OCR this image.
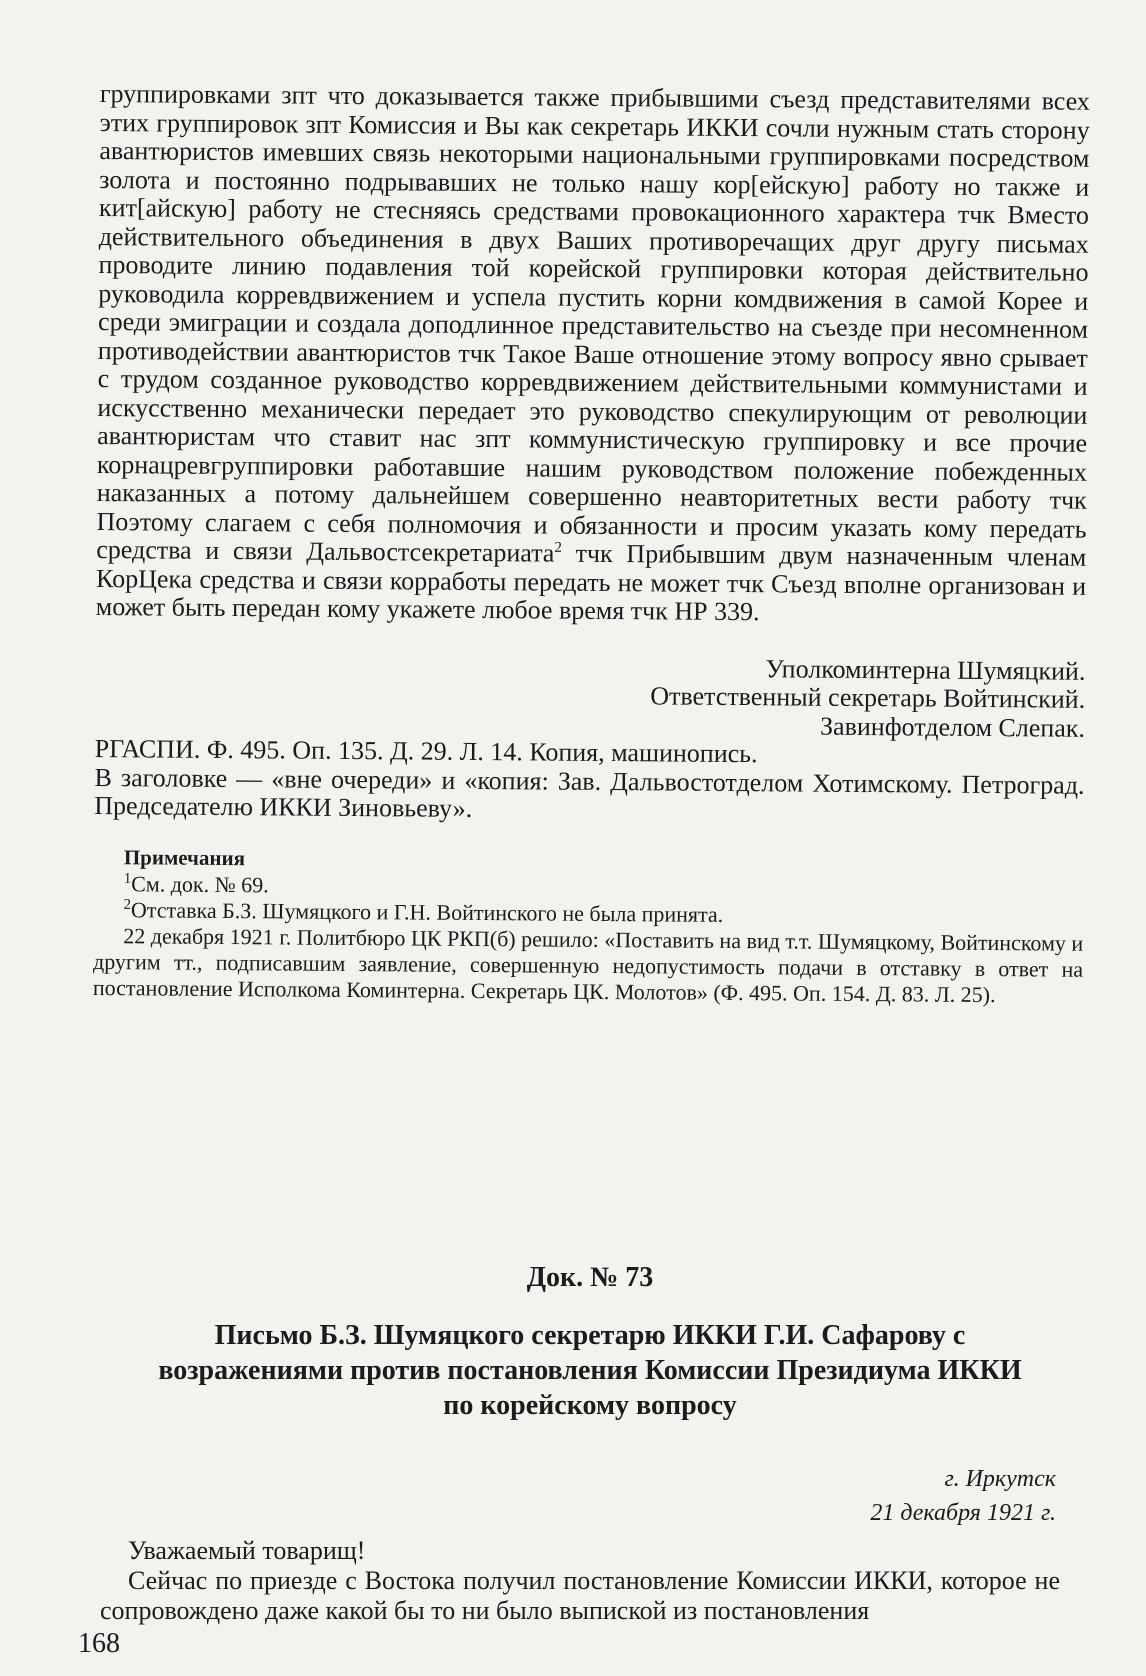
группировками зпт что доказывается также прибывшими съезд представителями всех этих группировок зпт Комиссия и Вы как секретарь ИККИ сочли нужным стать сторону авантюристов имевших связь некоторыми национальными группировками посредством золота и постоянно подрывавших не только нашу кор[ейскую] работу но также и кит[айскую] работу не стесняясь средствами провокационного характера тчк Вместо действительного объединения в двух Ваших противоречащих друг другу письмах проводите линию подавления той корейской группировки которая действительно руководила корревдвижением и успела пустить корни комдвижения в самой Корее и среди эмиграции и создала доподлинное представительство на съезде при несомненном противодействии авантюристов тчк Такое Ваше отношение этому вопросу явно срывает с трудом созданное руководство корревдвижением действительными коммунистами и искусственно механически передает это руководство спекулирующим от революции авантюристам что ставит нас зпт коммунистическую группировку и все прочие корнацревгруппировки работавшие нашим руководством положение побежденных наказанных а потому дальнейшем совершенно неавторитетных вести работу тчк Поэтому слагаем с себя полномочия и обязанности и просим указать кому передать средства и связи Дальвостсекретариата$^2$ тчк Прибывшим двум назначенным членам КорЦека средства и связи корработы передать не может тчк Съезд вполне организован и может быть передан кому укажете любое время тчк НР 339.

Уполкоминтерна Шумяцкий.
Ответственный секретарь Войтинский.
Завинфотделом Слепак.

РГАСПИ. Ф. 495. Оп. 135. Д. 29. Л. 14. Копия, машинопись.

В заголовке — «вне очереди» и «копия: Зав. Дальвостотделом Хотимскому. Петроград. Председателю ИККИ Зиновьеву».

Примечания
$^1$См. док. № 69.
$^2$Отставка Б.З. Шумяцкого и Г.Н. Войтинского не была принята.

22 декабря 1921 г. Политбюро ЦК РКП(б) решило: «Поставить на вид т.т. Шумяцкому, Войтинскому и другим тт., подписавшим заявление, совершенную недопустимость подачи в отставку в ответ на постановление Исполкома Коминтерна. Секретарь ЦК. Молотов» (Ф. 495. Оп. 154. Д. 83. Л. 25).

Док. № 73
Письмо Б.З. Шумяцкого секретарю ИККИ Г.И. Сафарову с возражениями против постановления Комиссии Президиума ИККИ по корейскому вопросу
г. Иркутск
21 декабря 1921 г.

Уважаемый товарищ!

Сейчас по приезде с Востока получил постановление Комиссии ИККИ, которое не сопровождено даже какой бы то ни было выпиской из постановления

168
